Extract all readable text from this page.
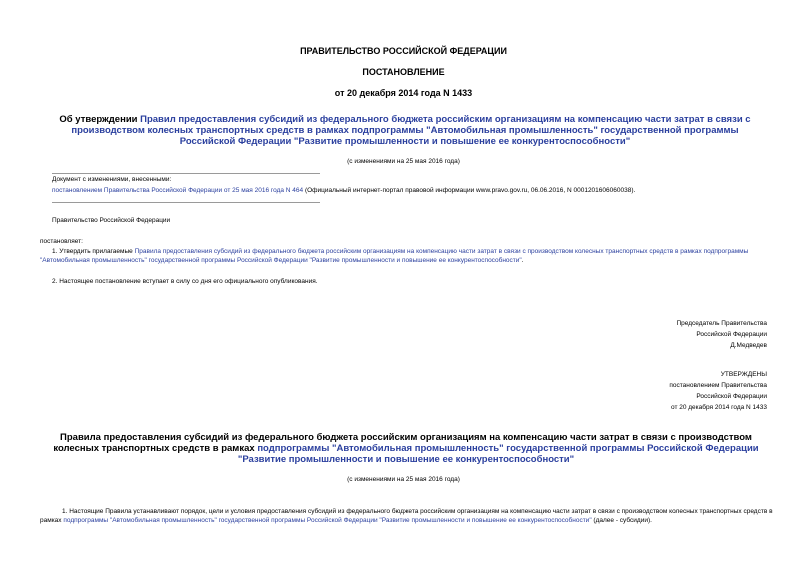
ПРАВИТЕЛЬСТВО РОССИЙСКОЙ ФЕДЕРАЦИИ
ПОСТАНОВЛЕНИЕ
от 20 декабря 2014 года N 1433
Об утверждении Правил предоставления субсидий из федерального бюджета российским организациям на компенсацию части затрат в связи с производством колесных транспортных средств в рамках подпрограммы "Автомобильная промышленность" государственной программы Российской Федерации "Развитие промышленности и повышение ее конкурентоспособности"
(с изменениями на 25 мая 2016 года)
Документ с изменениями, внесенными:
постановлением Правительства Российской Федерации от 25 мая 2016 года N 464 (Официальный интернет-портал правовой информации www.pravo.gov.ru, 06.06.2016, N 0001201606060038).
Правительство Российской Федерации
постановляет:
1. Утвердить прилагаемые Правила предоставления субсидий из федерального бюджета российским организациям на компенсацию части затрат в связи с производством колесных транспортных средств в рамках подпрограммы "Автомобильная промышленность" государственной программы Российской Федерации "Развитие промышленности и повышение ее конкурентоспособности".
2. Настоящее постановление вступает в силу со дня его официального опубликования.

Председатель Правительства

Российской Федерации

Д.Медведев

УТВЕРЖДЕНЫ

постановлением Правительства

Российской Федерации

от 20 декабря 2014 года N 1433

Правила предоставления субсидий из федерального бюджета российским организациям на компенсацию части затрат в связи с производством колесных транспортных средств в рамках подпрограммы "Автомобильная промышленность" государственной программы Российской Федерации "Развитие промышленности и повышение ее конкурентоспособности"
(с изменениями на 25 мая 2016 года)
1. Настоящие Правила устанавливают порядок, цели и условия предоставления субсидий из федерального бюджета российским организациям на компенсацию части затрат в связи с производством колесных транспортных средств в рамках подпрограммы "Автомобильная промышленность" государственной программы Российской Федерации "Развитие промышленности и повышение ее конкурентоспособности" (далее - субсидии).
